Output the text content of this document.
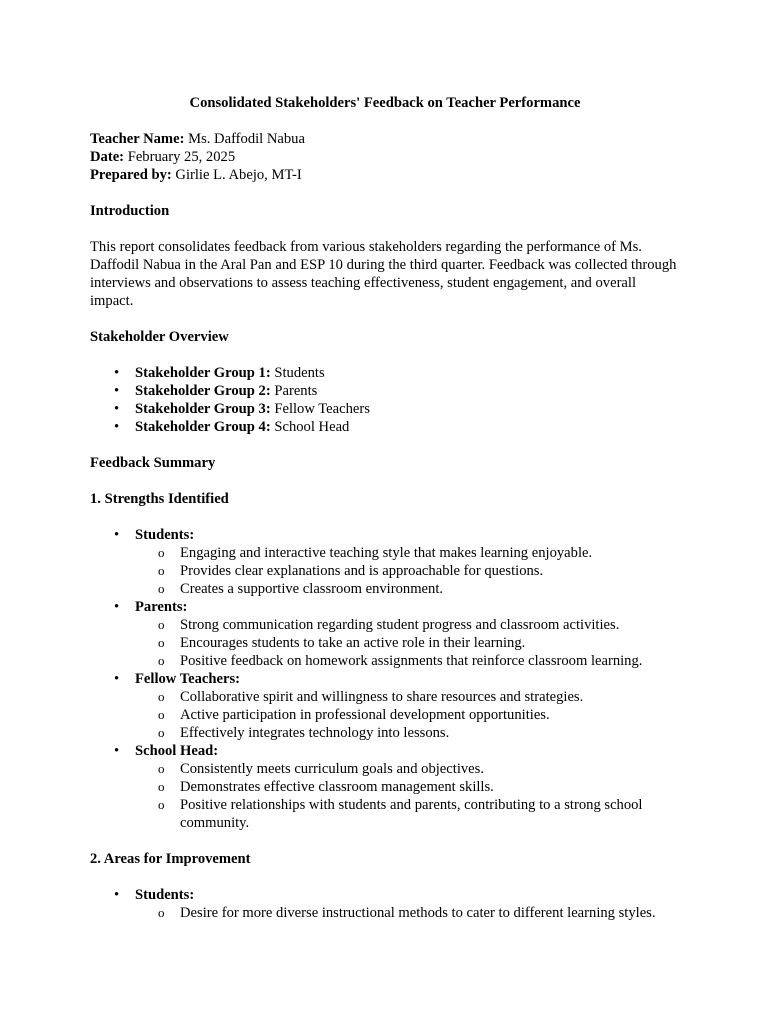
Consolidated Stakeholders' Feedback on Teacher Performance

Teacher Name: Ms. Daffodil Nabua

Date: February 25, 2025

Prepared by: Girlie L. Abejo, MT-I

Introduction

This report consolidates feedback from various stakeholders regarding the performance of Ms. Daffodil Nabua in the Aral Pan and ESP 10 during the third quarter. Feedback was collected through interviews and observations to assess teaching effectiveness, student engagement, and overall impact.

Stakeholder Overview

• Stakeholder Group 1: Students
• Stakeholder Group 2: Parents
• Stakeholder Group 3: Fellow Teachers
• Stakeholder Group 4: School Head

Feedback Summary

1. Strengths Identified

• Students:
o Engaging and interactive teaching style that makes learning enjoyable.
o Provides clear explanations and is approachable for questions.
o Creates a supportive classroom environment.
• Parents:
o Strong communication regarding student progress and classroom activities.
o Encourages students to take an active role in their learning.
o Positive feedback on homework assignments that reinforce classroom learning.
• Fellow Teachers:
o Collaborative spirit and willingness to share resources and strategies.
o Active participation in professional development opportunities.
o Effectively integrates technology into lessons.
• School Head:
o Consistently meets curriculum goals and objectives.
o Demonstrates effective classroom management skills.
o Positive relationships with students and parents, contributing to a strong school community.

2. Areas for Improvement

• Students:
o Desire for more diverse instructional methods to cater to different learning styles.
